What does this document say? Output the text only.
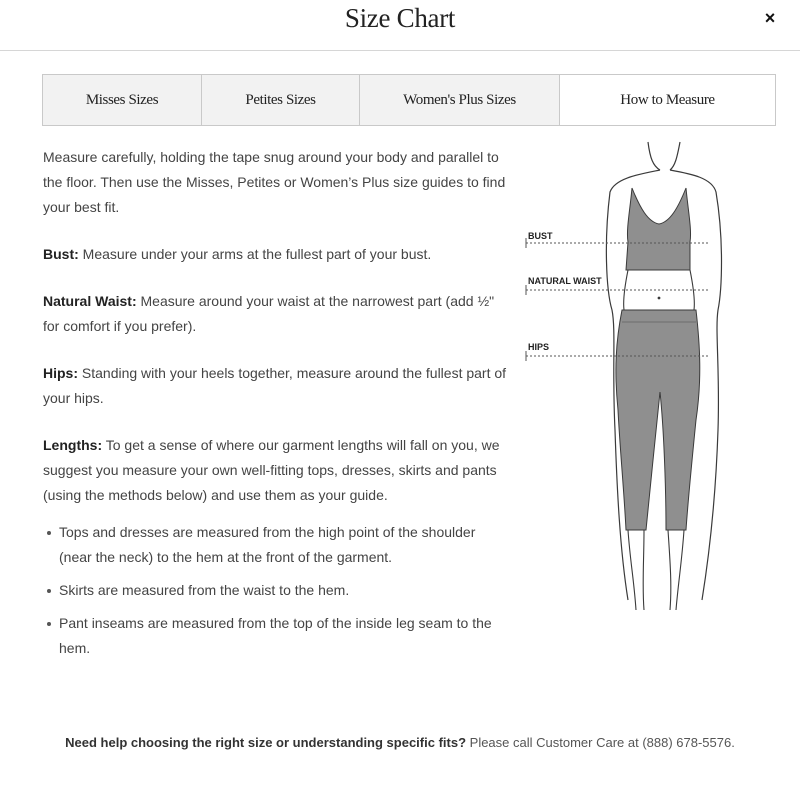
Size Chart	×
Misses Sizes	Petites Sizes	Women's Plus Sizes	How to Measure

Measure carefully, holding the tape snug around your body and parallel to the floor. Then use the Misses, Petites or Women’s Plus size guides to find your best fit.

Bust: Measure under your arms at the fullest part of your bust.

Natural Waist: Measure around your waist at the narrowest part (add ½" for comfort if you prefer).

Hips: Standing with your heels together, measure around the fullest part of your hips.

Lengths: To get a sense of where our garment lengths will fall on you, we suggest you measure your own well-fitting tops, dresses, skirts and pants (using the methods below) and use them as your guide.

Tops and dresses are measured from the high point of the shoulder (near the neck) to the hem at the front of the garment.
Skirts are measured from the waist to the hem.
Pant inseams are measured from the top of the inside leg seam to the hem.
BUST
NATURAL WAIST
HIPS
Need help choosing the right size or understanding specific fits? Please call Customer Care at (888) 678-5576.
